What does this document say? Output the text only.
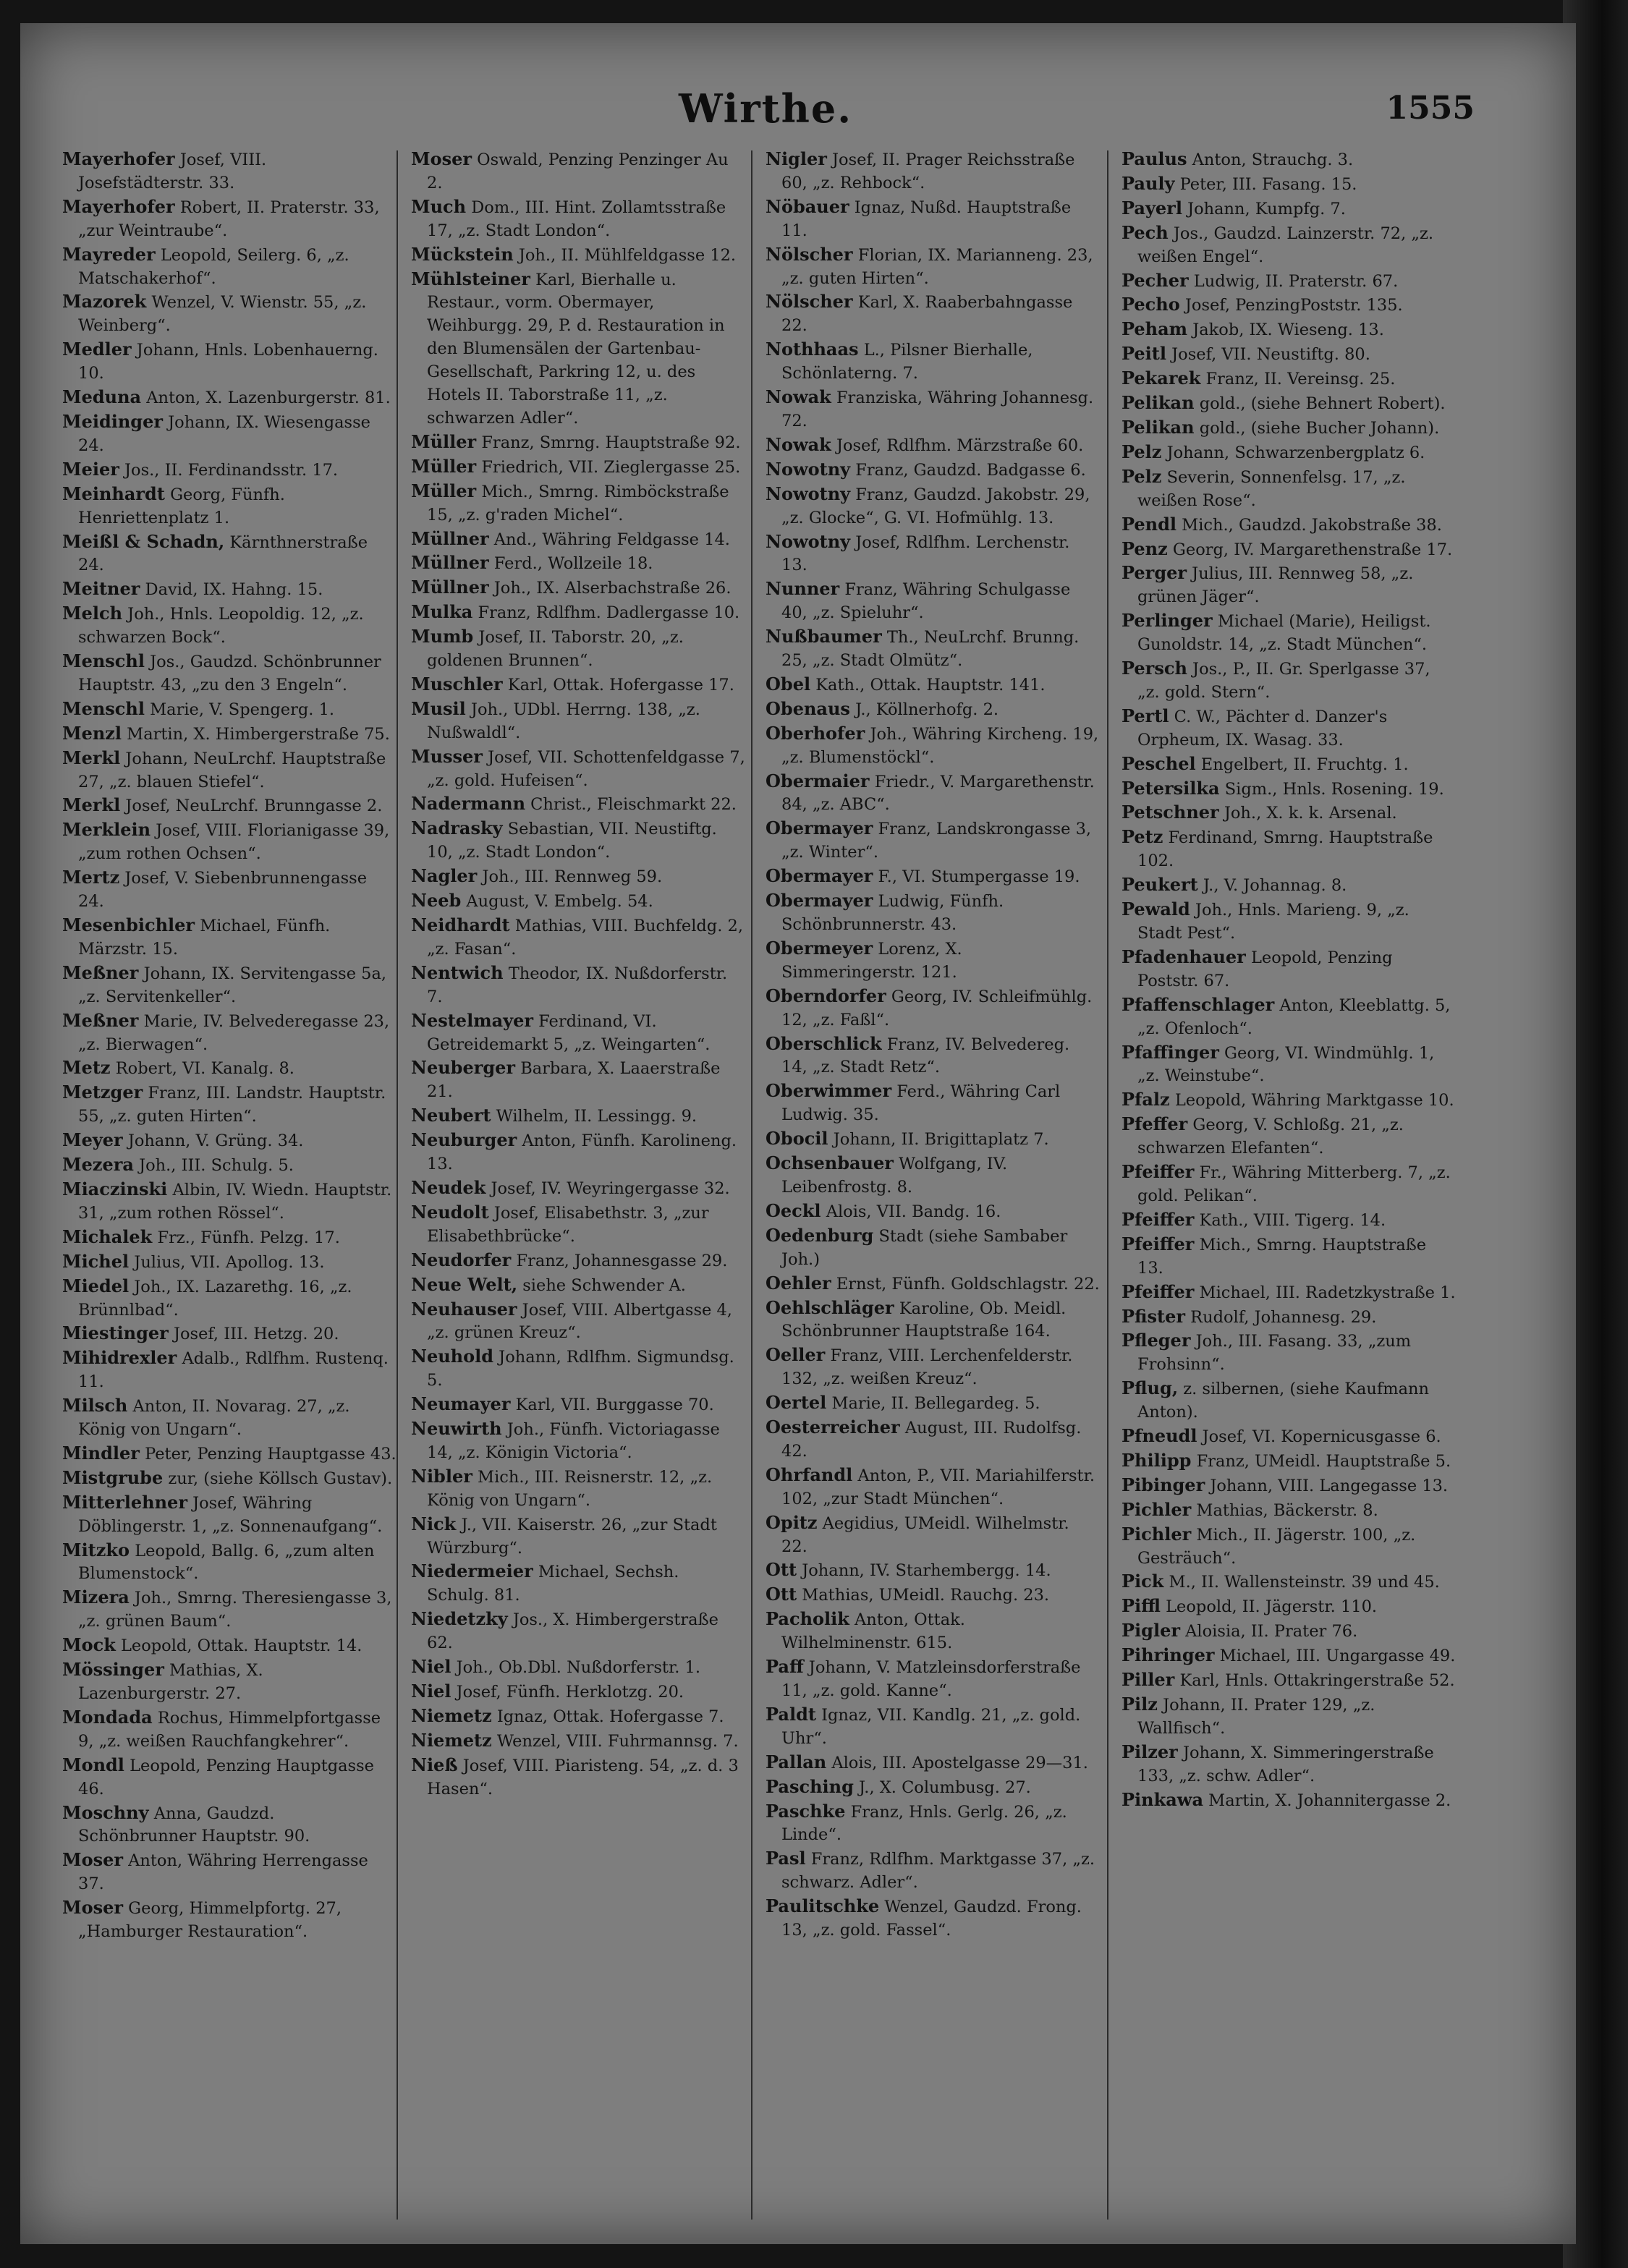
Wirthe.	1555

Mayerhofer Josef, VIII. Josefstädterstr. 33.

Mayerhofer Robert, II. Praterstr. 33, „zur Weintraube“.

Mayreder Leopold, Seilerg. 6, „z. Matschakerhof“.

Mazorek Wenzel, V. Wienstr. 55, „z. Weinberg“.

Medler Johann, Hnls. Lobenhauerng. 10.

Meduna Anton, X. Lazenburgerstr. 81.

Meidinger Johann, IX. Wiesengasse 24.

Meier Jos., II. Ferdinandsstr. 17.

Meinhardt Georg, Fünfh. Henriettenplatz 1.

Meißl & Schadn, Kärnthnerstraße 24.

Meitner David, IX. Hahng. 15.

Melch Joh., Hnls. Leopoldig. 12, „z. schwarzen Bock“.

Menschl Jos., Gaudzd. Schönbrunner Hauptstr. 43, „zu den 3 Engeln“.

Menschl Marie, V. Spengerg. 1.

Menzl Martin, X. Himbergerstraße 75.

Merkl Johann, NeuLrchf. Hauptstraße 27, „z. blauen Stiefel“.

Merkl Josef, NeuLrchf. Brunngasse 2.

Merklein Josef, VIII. Florianigasse 39, „zum rothen Ochsen“.

Mertz Josef, V. Siebenbrunnengasse 24.

Mesenbichler Michael, Fünfh. Märzstr. 15.

Meßner Johann, IX. Servitengasse 5a, „z. Servitenkeller“.

Meßner Marie, IV. Belvederegasse 23, „z. Bierwagen“.

Metz Robert, VI. Kanalg. 8.

Metzger Franz, III. Landstr. Hauptstr. 55, „z. guten Hirten“.

Meyer Johann, V. Grüng. 34.

Mezera Joh., III. Schulg. 5.

Miaczinski Albin, IV. Wiedn. Hauptstr. 31, „zum rothen Rössel“.

Michalek Frz., Fünfh. Pelzg. 17.

Michel Julius, VII. Apollog. 13.

Miedel Joh., IX. Lazarethg. 16, „z. Brünnlbad“.

Miestinger Josef, III. Hetzg. 20.

Mihidrexler Adalb., Rdlfhm. Rustenq. 11.

Milsch Anton, II. Novarag. 27, „z. König von Ungarn“.

Mindler Peter, Penzing Hauptgasse 43.

Mistgrube zur, (siehe Köllsch Gustav).

Mitterlehner Josef, Währing Döblingerstr. 1, „z. Sonnenaufgang“.

Mitzko Leopold, Ballg. 6, „zum alten Blumenstock“.

Mizera Joh., Smrng. Theresiengasse 3, „z. grünen Baum“.

Mock Leopold, Ottak. Hauptstr. 14.

Mössinger Mathias, X. Lazenburgerstr. 27.

Mondada Rochus, Himmelpfortgasse 9, „z. weißen Rauchfangkehrer“.

Mondl Leopold, Penzing Hauptgasse 46.

Moschny Anna, Gaudzd. Schönbrunner Hauptstr. 90.

Moser Anton, Währing Herrengasse 37.

Moser Georg, Himmelpfortg. 27, „Hamburger Restauration“.

Moser Oswald, Penzing Penzinger Au 2.

Much Dom., III. Hint. Zollamtsstraße 17, „z. Stadt London“.

Mückstein Joh., II. Mühlfeldgasse 12.

Mühlsteiner Karl, Bierhalle u. Restaur., vorm. Obermayer, Weihburgg. 29, P. d. Restauration in den Blumensälen der Gartenbau-Gesellschaft, Parkring 12, u. des Hotels II. Taborstraße 11, „z. schwarzen Adler“.

Müller Franz, Smrng. Hauptstraße 92.

Müller Friedrich, VII. Zieglergasse 25.

Müller Mich., Smrng. Rimböckstraße 15, „z. g'raden Michel“.

Müllner And., Währing Feldgasse 14.

Müllner Ferd., Wollzeile 18.

Müllner Joh., IX. Alserbachstraße 26.

Mulka Franz, Rdlfhm. Dadlergasse 10.

Mumb Josef, II. Taborstr. 20, „z. goldenen Brunnen“.

Muschler Karl, Ottak. Hofergasse 17.

Musil Joh., UDbl. Herrng. 138, „z. Nußwaldl“.

Musser Josef, VII. Schottenfeldgasse 7, „z. gold. Hufeisen“.

Nadermann Christ., Fleischmarkt 22.

Nadrasky Sebastian, VII. Neustiftg. 10, „z. Stadt London“.

Nagler Joh., III. Rennweg 59.

Neeb August, V. Embelg. 54.

Neidhardt Mathias, VIII. Buchfeldg. 2, „z. Fasan“.

Nentwich Theodor, IX. Nußdorferstr. 7.

Nestelmayer Ferdinand, VI. Getreidemarkt 5, „z. Weingarten“.

Neuberger Barbara, X. Laaerstraße 21.

Neubert Wilhelm, II. Lessingg. 9.

Neuburger Anton, Fünfh. Karolineng. 13.

Neudek Josef, IV. Weyringergasse 32.

Neudolt Josef, Elisabethstr. 3, „zur Elisabethbrücke“.

Neudorfer Franz, Johannesgasse 29.

Neue Welt, siehe Schwender A.

Neuhauser Josef, VIII. Albertgasse 4, „z. grünen Kreuz“.

Neuhold Johann, Rdlfhm. Sigmundsg. 5.

Neumayer Karl, VII. Burggasse 70.

Neuwirth Joh., Fünfh. Victoriagasse 14, „z. Königin Victoria“.

Nibler Mich., III. Reisnerstr. 12, „z. König von Ungarn“.

Nick J., VII. Kaiserstr. 26, „zur Stadt Würzburg“.

Niedermeier Michael, Sechsh. Schulg. 81.

Niedetzky Jos., X. Himbergerstraße 62.

Niel Joh., Ob.Dbl. Nußdorferstr. 1.

Niel Josef, Fünfh. Herklotzg. 20.

Niemetz Ignaz, Ottak. Hofergasse 7.

Niemetz Wenzel, VIII. Fuhrmannsg. 7.

Nieß Josef, VIII. Piaristeng. 54, „z. d. 3 Hasen“.

Nigler Josef, II. Prager Reichsstraße 60, „z. Rehbock“.

Nöbauer Ignaz, Nußd. Hauptstraße 11.

Nölscher Florian, IX. Marianneng. 23, „z. guten Hirten“.

Nölscher Karl, X. Raaberbahngasse 22.

Nothhaas L., Pilsner Bierhalle, Schönlaterng. 7.

Nowak Franziska, Währing Johannesg. 72.

Nowak Josef, Rdlfhm. Märzstraße 60.

Nowotny Franz, Gaudzd. Badgasse 6.

Nowotny Franz, Gaudzd. Jakobstr. 29, „z. Glocke“, G. VI. Hofmühlg. 13.

Nowotny Josef, Rdlfhm. Lerchenstr. 13.

Nunner Franz, Währing Schulgasse 40, „z. Spieluhr“.

Nußbaumer Th., NeuLrchf. Brunng. 25, „z. Stadt Olmütz“.

Obel Kath., Ottak. Hauptstr. 141.

Obenaus J., Köllnerhofg. 2.

Oberhofer Joh., Währing Kircheng. 19, „z. Blumenstöckl“.

Obermaier Friedr., V. Margarethenstr. 84, „z. ABC“.

Obermayer Franz, Landskrongasse 3, „z. Winter“.

Obermayer F., VI. Stumpergasse 19.

Obermayer Ludwig, Fünfh. Schönbrunnerstr. 43.

Obermeyer Lorenz, X. Simmeringerstr. 121.

Oberndorfer Georg, IV. Schleifmühlg. 12, „z. Faßl“.

Oberschlick Franz, IV. Belvedereg. 14, „z. Stadt Retz“.

Oberwimmer Ferd., Währing Carl Ludwig. 35.

Obocil Johann, II. Brigittaplatz 7.

Ochsenbauer Wolfgang, IV. Leibenfrostg. 8.

Oeckl Alois, VII. Bandg. 16.

Oedenburg Stadt (siehe Sambaber Joh.)

Oehler Ernst, Fünfh. Goldschlagstr. 22.

Oehlschläger Karoline, Ob. Meidl. Schönbrunner Hauptstraße 164.

Oeller Franz, VIII. Lerchenfelderstr. 132, „z. weißen Kreuz“.

Oertel Marie, II. Bellegardeg. 5.

Oesterreicher August, III. Rudolfsg. 42.

Ohrfandl Anton, P., VII. Mariahilferstr. 102, „zur Stadt München“.

Opitz Aegidius, UMeidl. Wilhelmstr. 22.

Ott Johann, IV. Starhembergg. 14.

Ott Mathias, UMeidl. Rauchg. 23.

Pacholik Anton, Ottak. Wilhelminenstr. 615.

Paff Johann, V. Matzleinsdorferstraße 11, „z. gold. Kanne“.

Paldt Ignaz, VII. Kandlg. 21, „z. gold. Uhr“.

Pallan Alois, III. Apostelgasse 29—31.

Pasching J., X. Columbusg. 27.

Paschke Franz, Hnls. Gerlg. 26, „z. Linde“.

Pasl Franz, Rdlfhm. Marktgasse 37, „z. schwarz. Adler“.

Paulitschke Wenzel, Gaudzd. Frong. 13, „z. gold. Fassel“.

Paulus Anton, Strauchg. 3.

Pauly Peter, III. Fasang. 15.

Payerl Johann, Kumpfg. 7.

Pech Jos., Gaudzd. Lainzerstr. 72, „z. weißen Engel“.

Pecher Ludwig, II. Praterstr. 67.

Pecho Josef, PenzingPoststr. 135.

Peham Jakob, IX. Wieseng. 13.

Peitl Josef, VII. Neustiftg. 80.

Pekarek Franz, II. Vereinsg. 25.

Pelikan gold., (siehe Behnert Robert).

Pelikan gold., (siehe Bucher Johann).

Pelz Johann, Schwarzenbergplatz 6.

Pelz Severin, Sonnenfelsg. 17, „z. weißen Rose“.

Pendl Mich., Gaudzd. Jakobstraße 38.

Penz Georg, IV. Margarethenstraße 17.

Perger Julius, III. Rennweg 58, „z. grünen Jäger“.

Perlinger Michael (Marie), Heiligst. Gunoldstr. 14, „z. Stadt München“.

Persch Jos., P., II. Gr. Sperlgasse 37, „z. gold. Stern“.

Pertl C. W., Pächter d. Danzer's Orpheum, IX. Wasag. 33.

Peschel Engelbert, II. Fruchtg. 1.

Petersilka Sigm., Hnls. Rosening. 19.

Petschner Joh., X. k. k. Arsenal.

Petz Ferdinand, Smrng. Hauptstraße 102.

Peukert J., V. Johannag. 8.

Pewald Joh., Hnls. Marieng. 9, „z. Stadt Pest“.

Pfadenhauer Leopold, Penzing Poststr. 67.

Pfaffenschlager Anton, Kleeblattg. 5, „z. Ofenloch“.

Pfaffinger Georg, VI. Windmühlg. 1, „z. Weinstube“.

Pfalz Leopold, Währing Marktgasse 10.

Pfeffer Georg, V. Schloßg. 21, „z. schwarzen Elefanten“.

Pfeiffer Fr., Währing Mitterberg. 7, „z. gold. Pelikan“.

Pfeiffer Kath., VIII. Tigerg. 14.

Pfeiffer Mich., Smrng. Hauptstraße 13.

Pfeiffer Michael, III. Radetzkystraße 1.

Pfister Rudolf, Johannesg. 29.

Pfleger Joh., III. Fasang. 33, „zum Frohsinn“.

Pflug, z. silbernen, (siehe Kaufmann Anton).

Pfneudl Josef, VI. Kopernicusgasse 6.

Philipp Franz, UMeidl. Hauptstraße 5.

Pibinger Johann, VIII. Langegasse 13.

Pichler Mathias, Bäckerstr. 8.

Pichler Mich., II. Jägerstr. 100, „z. Gesträuch“.

Pick M., II. Wallensteinstr. 39 und 45.

Piffl Leopold, II. Jägerstr. 110.

Pigler Aloisia, II. Prater 76.

Pihringer Michael, III. Ungargasse 49.

Piller Karl, Hnls. Ottakringerstraße 52.

Pilz Johann, II. Prater 129, „z. Wallfisch“.

Pilzer Johann, X. Simmeringerstraße 133, „z. schw. Adler“.

Pinkawa Martin, X. Johannitergasse 2.
